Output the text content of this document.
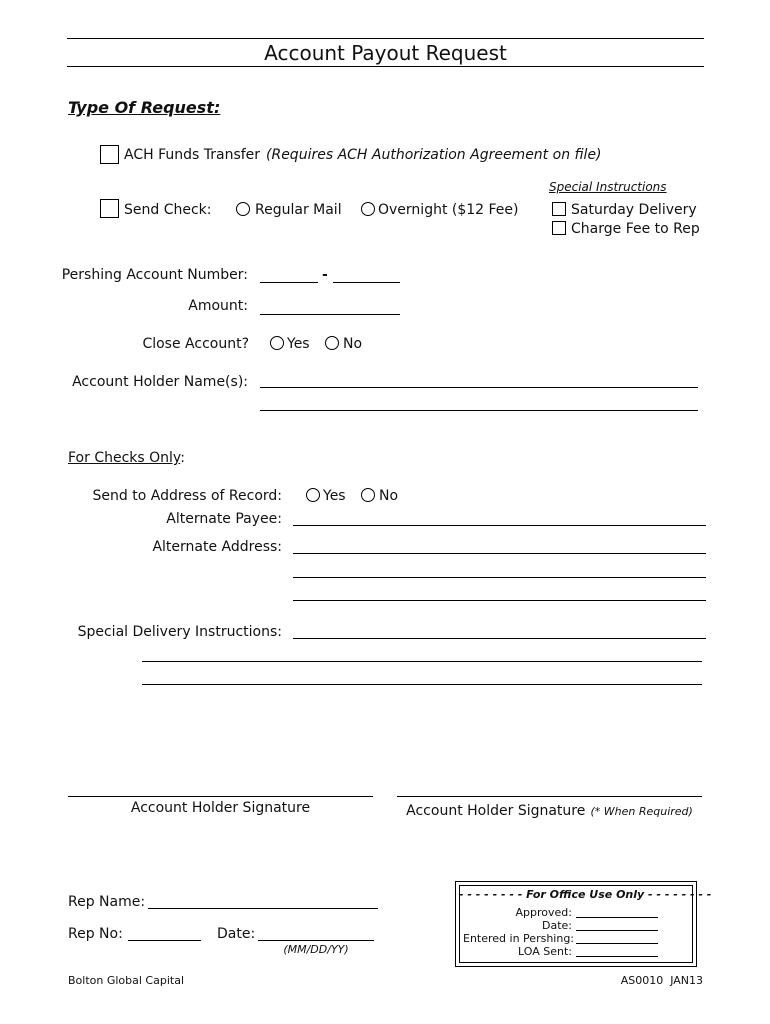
Account Payout Request
Type Of Request:
ACH Funds Transfer (Requires ACH Authorization Agreement on file)
Special Instructions
Send Check:	Regular Mail	Overnight ($12 Fee)	Saturday Delivery
Charge Fee to Rep
Pershing Account Number:	-
Amount:
Close Account?	Yes No
Account Holder Name(s):
For Checks Only:
Send to Address of Record:	Yes No
Alternate Payee:
Alternate Address:
Special Delivery Instructions:
Account Holder Signature	Account Holder Signature (* When Required)
Rep Name:
Rep No:	Date:
(MM/DD/YY)
- - - - - - - - For Office Use Only - - - - - - - -
Approved:
Date:
Entered in Pershing:
LOA Sent:
Bolton Global Capital	AS0010  JAN13
